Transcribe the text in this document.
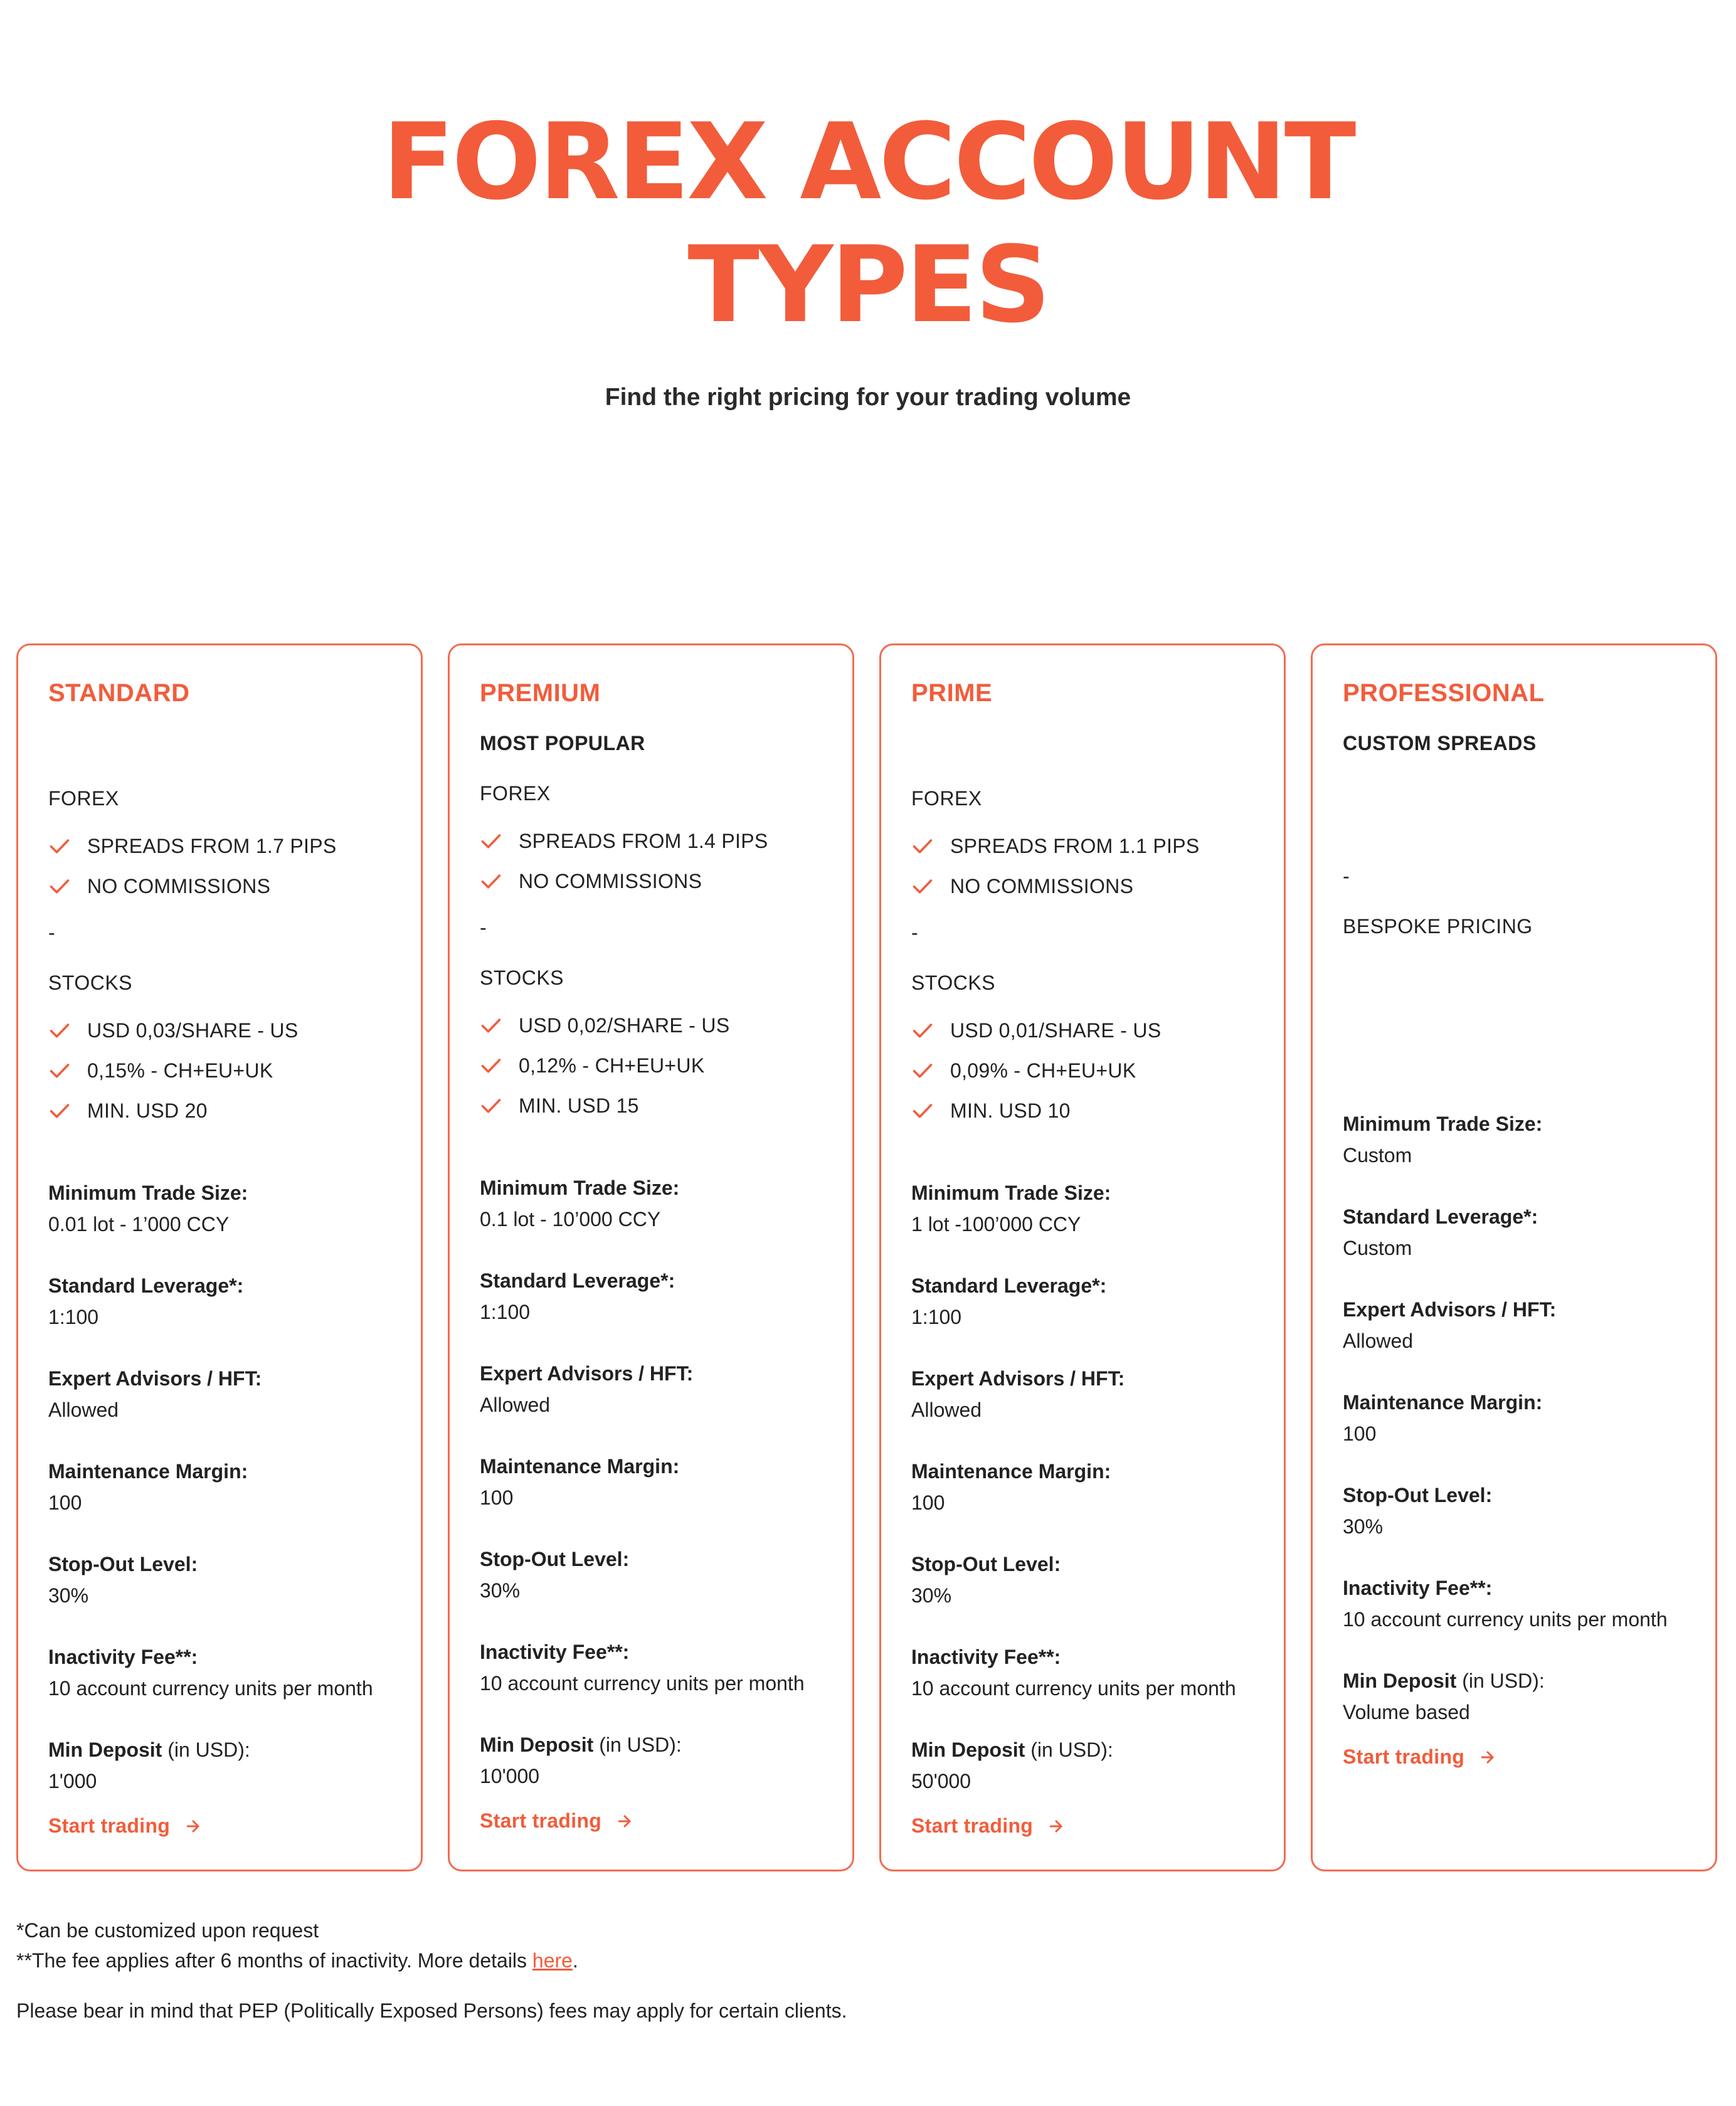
FOREX ACCOUNT
TYPES
Find the right pricing for your trading volume
STANDARD
FOREX
SPREADS FROM 1.7 PIPS
NO COMMISSIONS
-
STOCKS
USD 0,03/SHARE - US
0,15% - CH+EU+UK
MIN. USD 20
Minimum Trade Size:
0.01 lot - 1’000 CCY
Standard Leverage*:
1:100
Expert Advisors / HFT:
Allowed
Maintenance Margin:
100
Stop-Out Level:
30%
Inactivity Fee**:
10 account currency units per month
Min Deposit (in USD):
1'000
Start trading
PREMIUM
MOST POPULAR
FOREX
SPREADS FROM 1.4 PIPS
NO COMMISSIONS
-
STOCKS
USD 0,02/SHARE - US
0,12% - CH+EU+UK
MIN. USD 15
Minimum Trade Size:
0.1 lot - 10’000 CCY
Standard Leverage*:
1:100
Expert Advisors / HFT:
Allowed
Maintenance Margin:
100
Stop-Out Level:
30%
Inactivity Fee**:
10 account currency units per month
Min Deposit (in USD):
10'000
Start trading
PRIME
FOREX
SPREADS FROM 1.1 PIPS
NO COMMISSIONS
-
STOCKS
USD 0,01/SHARE - US
0,09% - CH+EU+UK
MIN. USD 10
Minimum Trade Size:
1 lot -100’000 CCY
Standard Leverage*:
1:100
Expert Advisors / HFT:
Allowed
Maintenance Margin:
100
Stop-Out Level:
30%
Inactivity Fee**:
10 account currency units per month
Min Deposit (in USD):
50'000
Start trading
PROFESSIONAL
CUSTOM SPREADS
-
BESPOKE PRICING
Minimum Trade Size:
Custom
Standard Leverage*:
Custom
Expert Advisors / HFT:
Allowed
Maintenance Margin:
100
Stop-Out Level:
30%
Inactivity Fee**:
10 account currency units per month
Min Deposit (in USD):
Volume based
Start trading
*Can be customized upon request
**The fee applies after 6 months of inactivity. More details here.
Please bear in mind that PEP (Politically Exposed Persons) fees may apply for certain clients.
